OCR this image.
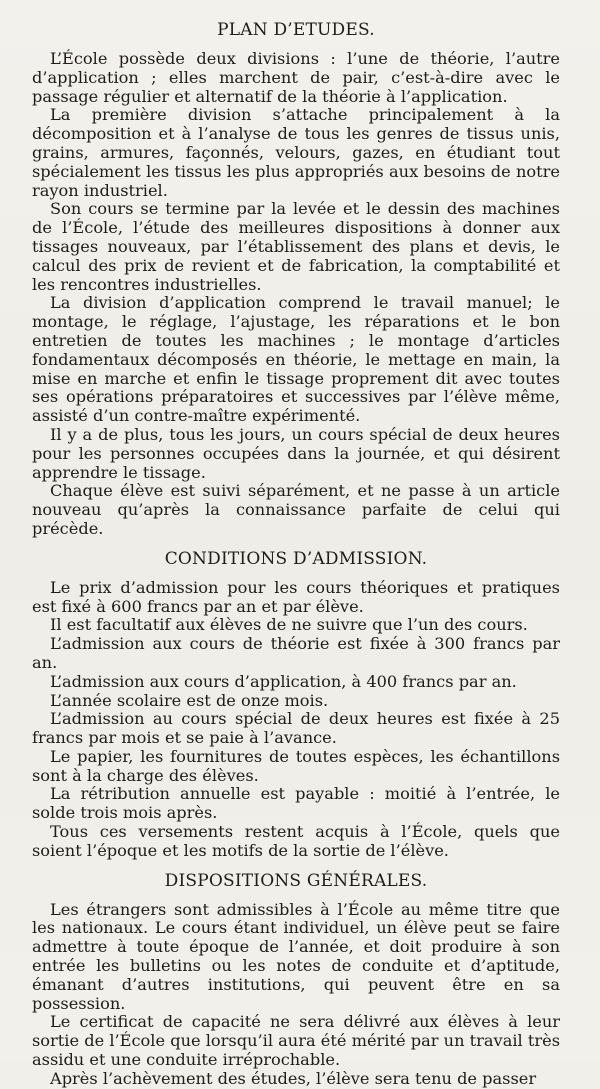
PLAN D’ETUDES.

L’École possède deux divisions : l’une de théorie, l’autre d’application ; elles marchent de pair, c’est-à-dire avec le passage régulier et alternatif de la théorie à l’application.

La première division s’attache principalement à la décomposition et à l’analyse de tous les genres de tissus unis, grains, armures, façonnés, velours, gazes, en étudiant tout spécialement les tissus les plus appropriés aux besoins de notre rayon industriel.

Son cours se termine par la levée et le dessin des machines de l’École, l’étude des meilleures dispositions à donner aux tissages nouveaux, par l’établissement des plans et devis, le calcul des prix de revient et de fabrication, la comptabilité et les rencontres industrielles.

La division d’application comprend le travail manuel; le montage, le réglage, l’ajustage, les réparations et le bon entretien de toutes les machines ; le montage d’articles fondamentaux décomposés en théorie, le mettage en main, la mise en marche et enfin le tissage proprement dit avec toutes ses opérations préparatoires et successives par l’élève même, assisté d’un contre-maître expérimenté.

Il y a de plus, tous les jours, un cours spécial de deux heures pour les personnes occupées dans la journée, et qui désirent apprendre le tissage.

Chaque élève est suivi séparément, et ne passe à un article nouveau qu’après la connaissance parfaite de celui qui précède.

CONDITIONS D’ADMISSION.

Le prix d’admission pour les cours théoriques et pratiques est fixé à 600 francs par an et par élève.

Il est facultatif aux élèves de ne suivre que l’un des cours.

L’admission aux cours de théorie est fixée à 300 francs par an.

L’admission aux cours d’application, à 400 francs par an.

L’année scolaire est de onze mois.

L’admission au cours spécial de deux heures est fixée à 25 francs par mois et se paie à l’avance.

Le papier, les fournitures de toutes espèces, les échantillons sont à la charge des élèves.

La rétribution annuelle est payable : moitié à l’entrée, le solde trois mois après.

Tous ces versements restent acquis à l’École, quels que soient l’époque et les motifs de la sortie de l’élève.

DISPOSITIONS GÉNÉRALES.

Les étrangers sont admissibles à l’École au même titre que les nationaux. Le cours étant individuel, un élève peut se faire admettre à toute époque de l’année, et doit produire à son entrée les bulletins ou les notes de conduite et d’aptitude, émanant d’autres institutions, qui peuvent être en sa possession.

Le certificat de capacité ne sera délivré aux élèves à leur sortie de l’École que lorsqu’il aura été mérité par un travail très assidu et une conduite irréprochable.

Après l’achèvement des études, l’élève sera tenu de passer
